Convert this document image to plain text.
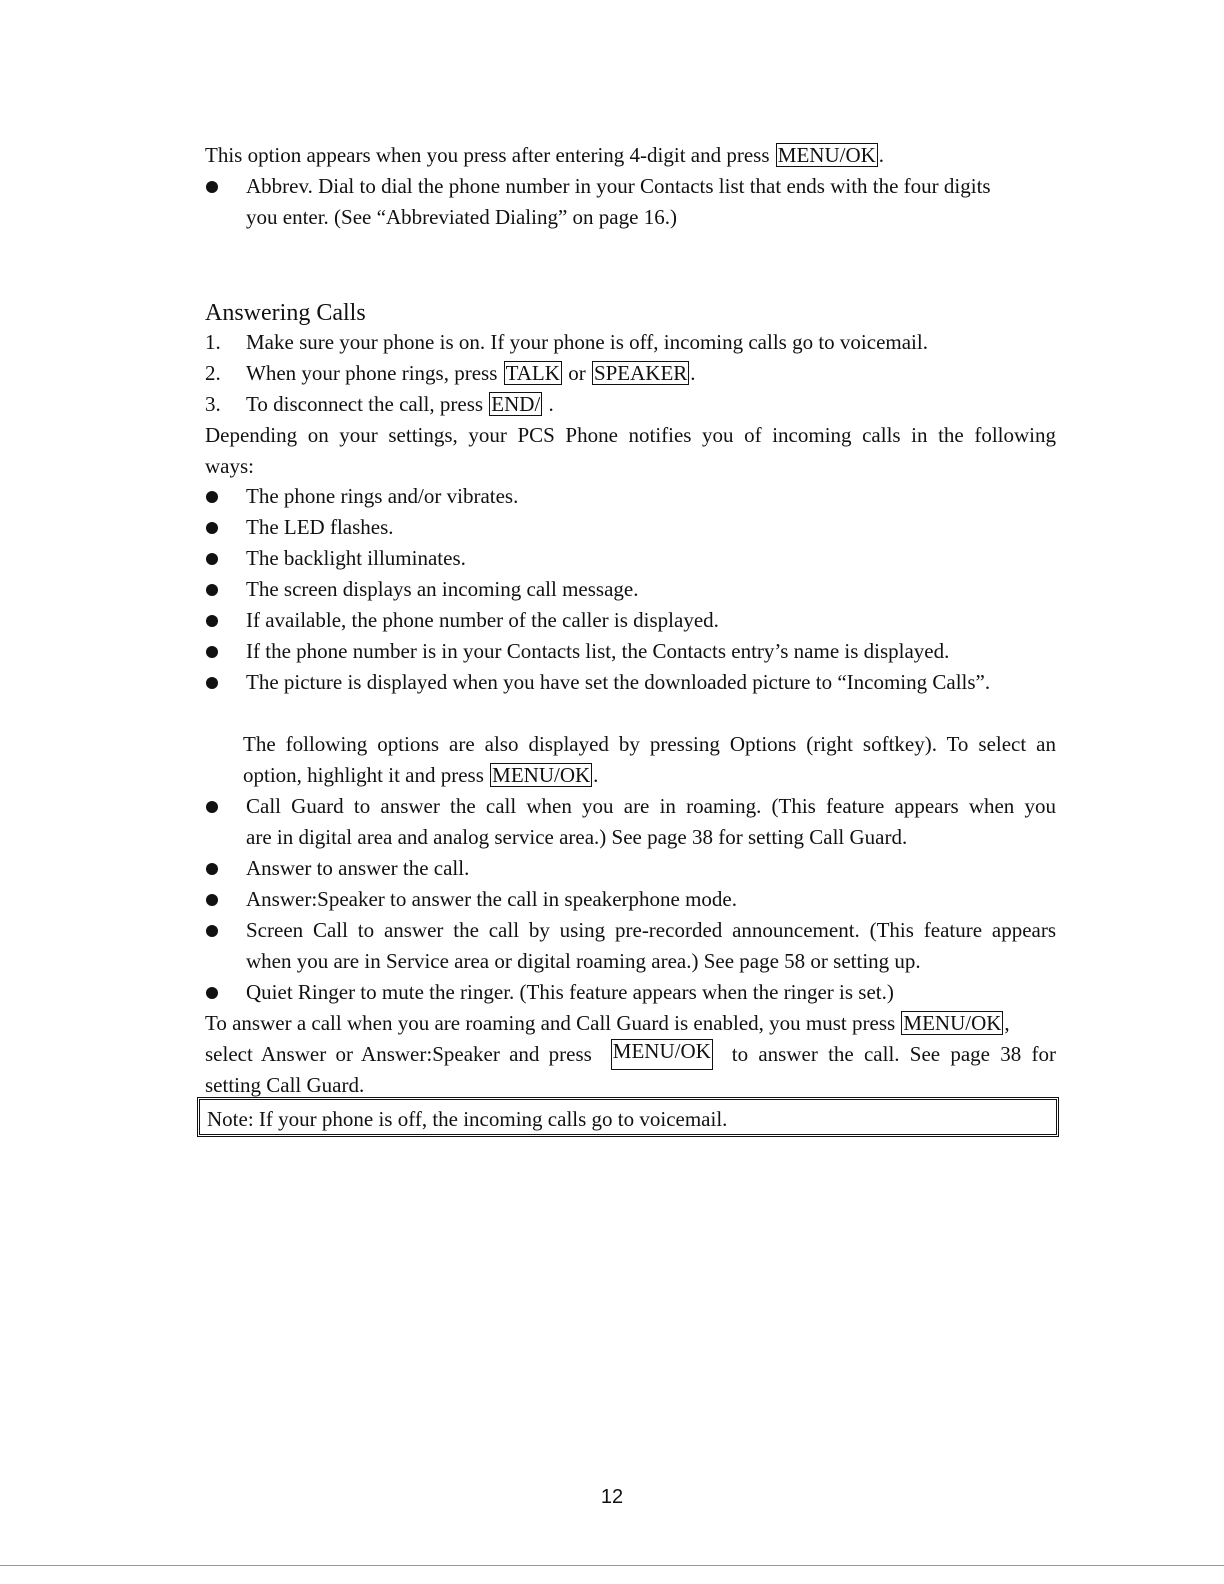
This option appears when you press after entering 4-digit and press MENU/OK .
Abbrev. Dial to dial the phone number in your Contacts list that ends with the four digits
you enter. (See “Abbreviated Dialing” on page 16.)
Answering Calls
1. Make sure your phone is on. If your phone is off, incoming calls go to voicemail.
2. When your phone rings, press TALK or SPEAKER .
3. To disconnect the call, press END/ .
Depending on your settings, your PCS Phone notifies you of incoming calls in the following
ways:
The phone rings and/or vibrates.
The LED flashes.
The backlight illuminates.
The screen displays an incoming call message.
If available, the phone number of the caller is displayed.
If the phone number is in your Contacts list, the Contacts entry’s name is displayed.
The picture is displayed when you have set the downloaded picture to “Incoming Calls”.
The following options are also displayed by pressing Options (right softkey). To select an
option, highlight it and press MENU/OK .
Call Guard to answer the call when you are in roaming. (This feature appears when you
are in digital area and analog service area.) See page 38 for setting Call Guard.
Answer to answer the call.
Answer:Speaker to answer the call in speakerphone mode.
Screen Call to answer the call by using pre-recorded announcement. (This feature appears
when you are in Service area or digital roaming area.) See page 58 or setting up.
Quiet Ringer to mute the ringer. (This feature appears when the ringer is set.)
To answer a call when you are roaming and Call Guard is enabled, you must press MENU/OK ,
select Answer or Answer:Speaker and press MENU/OK to answer the call. See page 38 for
setting Call Guard.
Note: If your phone is off, the incoming calls go to voicemail.
12
